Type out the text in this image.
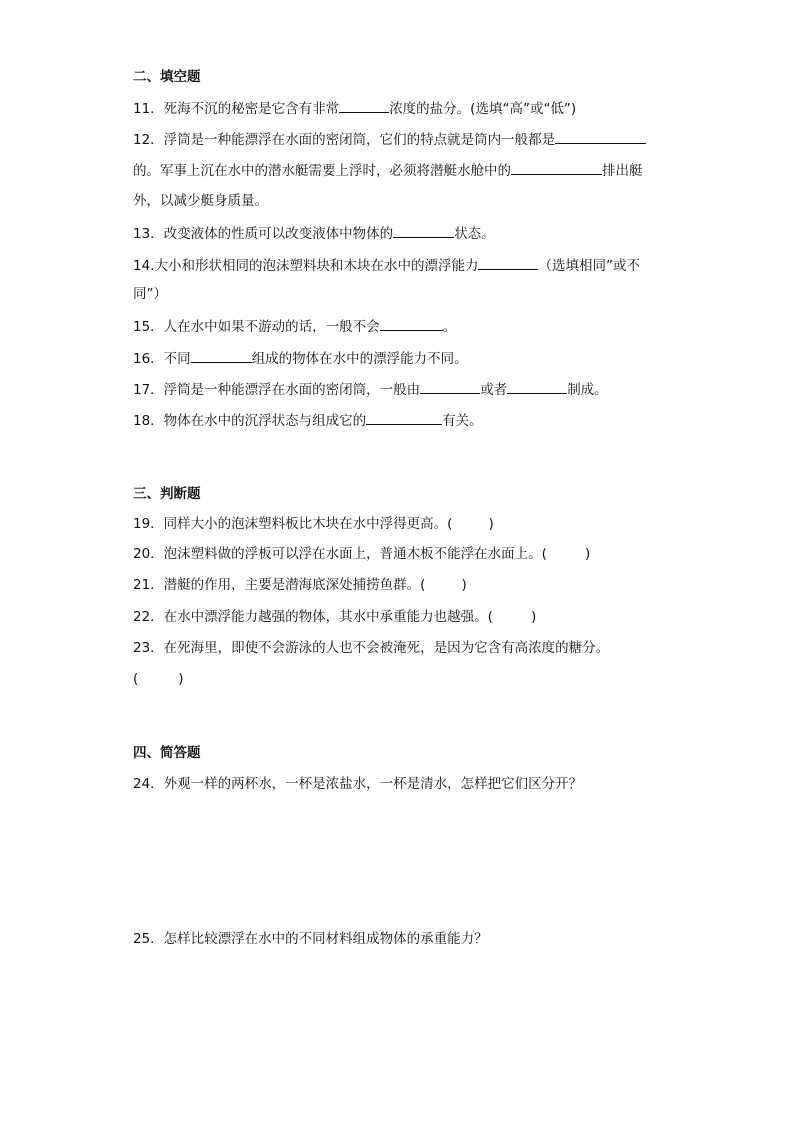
二、填空题
11．死海不沉的秘密是它含有非常	浓度的盐分。(选填“高”或“低”)
12．浮筒是一种能漂浮在水面的密闭筒，它们的特点就是筒内一般都是
的。军事上沉在水中的潜水艇需要上浮时，必须将潜艇水舱中的	排出艇
外，以减少艇身质量。
13．改变液体的性质可以改变液体中物体的	状态。
14.大小和形状相同的泡沫塑料块和木块在水中的漂浮能力	（选填相同”或不
同”）
15．人在水中如果不游动的话，一般不会	。
16．不同	组成的物体在水中的漂浮能力不同。
17．浮筒是一种能漂浮在水面的密闭筒，一般由	或者	制成。
18．物体在水中的沉浮状态与组成它的	有关。
三、判断题
19．同样大小的泡沫塑料板比木块在水中浮得更高。(	)
20．泡沫塑料做的浮板可以浮在水面上，普通木板不能浮在水面上。(	)
21．潜艇的作用，主要是潜海底深处捕捞鱼群。(	)
22．在水中漂浮能力越强的物体，其水中承重能力也越强。(	)
23．在死海里，即使不会游泳的人也不会被淹死，是因为它含有高浓度的糖分。
(	)
四、简答题
24．外观一样的两杯水，一杯是浓盐水，一杯是清水，怎样把它们区分开？
25．怎样比较漂浮在水中的不同材料组成物体的承重能力？
